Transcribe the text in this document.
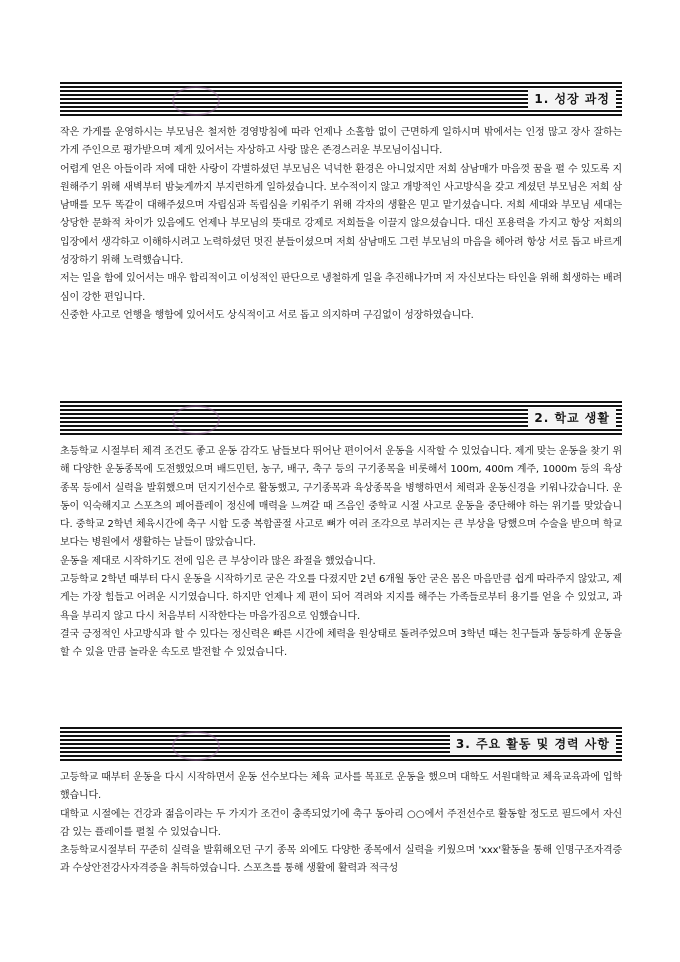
1. 성장 과정

작은 가게를 운영하시는 부모님은 철저한 경영방침에 따라 언제나 소홀함 없이 근면하게 일하시며 밖에서는 인정 많고 장사 잘하는 가게 주인으로 평가받으며 제게 있어서는 자상하고 사랑 많은 존경스러운 부모님이십니다.

어렵게 얻은 아들이라 저에 대한 사랑이 각별하셨던 부모님은 넉넉한 환경은 아니었지만 저희 삼남매가 마음껏 꿈을 펼 수 있도록 지원해주기 위해 새벽부터 밤늦게까지 부지런하게 일하셨습니다. 보수적이지 않고 개방적인 사고방식을 갖고 계셨던 부모님은 저희 삼남매를 모두 똑같이 대해주셨으며 자립심과 독립심을 키워주기 위해 각자의 생활은 믿고 맡기셨습니다. 저희 세대와 부모님 세대는 상당한 문화적 차이가 있음에도 언제나 부모님의 뜻대로 강제로 저희들을 이끌지 않으셨습니다. 대신 포용력을 가지고 항상 저희의 입장에서 생각하고 이해하시려고 노력하셨던 멋진 분들이셨으며 저희 삼남매도 그런 부모님의 마음을 헤아려 항상 서로 돕고 바르게 성장하기 위해 노력했습니다.

저는 일을 함에 있어서는 매우 합리적이고 이성적인 판단으로 냉철하게 일을 추진해나가며 저 자신보다는 타인을 위해 희생하는 배려심이 강한 편입니다.

신중한 사고로 언행을 행함에 있어서도 상식적이고 서로 돕고 의지하며 구김없이 성장하였습니다.

2. 학교 생활

초등학교 시절부터 체격 조건도 좋고 운동 감각도 남들보다 뛰어난 편이어서 운동을 시작할 수 있었습니다. 제게 맞는 운동을 찾기 위해 다양한 운동종목에 도전했었으며 배드민턴, 농구, 배구, 축구 등의 구기종목을 비롯해서 100m, 400m 계주, 1000m 등의 육상 종목 등에서 실력을 발휘했으며 던지기선수로 활동했고, 구기종목과 육상종목을 병행하면서 체력과 운동신경을 키워나갔습니다. 운동이 익숙해지고 스포츠의 페어플레이 정신에 매력을 느껴갈 때 즈음인 중학교 시절 사고로 운동을 중단해야 하는 위기를 맞았습니다. 중학교 2학년 체육시간에 축구 시합 도중 복합골절 사고로 뼈가 여러 조각으로 부러지는 큰 부상을 당했으며 수술을 받으며 학교보다는 병원에서 생활하는 날들이 많았습니다.

운동을 제대로 시작하기도 전에 입은 큰 부상이라 많은 좌절을 했었습니다.

고등학교 2학년 때부터 다시 운동을 시작하기로 굳은 각오를 다졌지만 2년 6개월 동안 굳은 몸은 마음만큼 쉽게 따라주지 않았고, 제게는 가장 힘들고 어려운 시기였습니다. 하지만 언제나 제 편이 되어 격려와 지지를 해주는 가족들로부터 용기를 얻을 수 있었고, 과욕을 부리지 않고 다시 처음부터 시작한다는 마음가짐으로 임했습니다.

결국 긍정적인 사고방식과 할 수 있다는 정신력은 빠른 시간에 체력을 원상태로 돌려주었으며 3학년 때는 친구들과 동등하게 운동을 할 수 있을 만큼 놀라운 속도로 발전할 수 있었습니다.

3. 주요 활동 및 경력 사항

고등학교 때부터 운동을 다시 시작하면서 운동 선수보다는 체육 교사를 목표로 운동을 했으며 대학도 서원대학교 체육교육과에 입학했습니다.

대학교 시절에는 건강과 젊음이라는 두 가지가 조건이 충족되었기에 축구 동아리 ○○에서 주전선수로 활동할 정도로 필드에서 자신감 있는 플레이를 펼칠 수 있었습니다.

초등학교시절부터 꾸준히 실력을 발휘해오던 구기 종목 외에도 다양한 종목에서 실력을 키웠으며 'xxx'활동을 통해 인명구조자격증과 수상안전강사자격증을 취득하였습니다. 스포츠를 통해 생활에 활력과 적극성
